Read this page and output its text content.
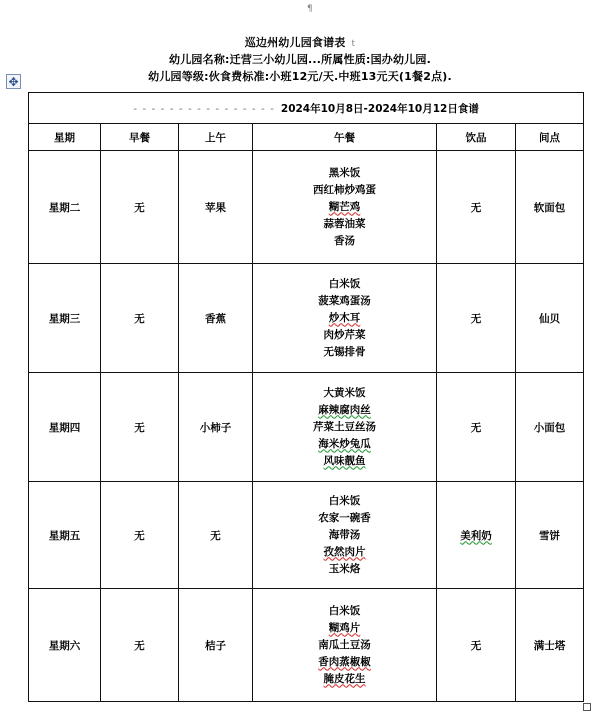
¶
巡边州幼儿园食谱表 t
幼儿园名称:迁营三小幼儿园...所属性质:国办幼儿园.
幼儿园等级:伙食费标准:小班12元/天.中班13元天(1餐2点).
✥
- - - - - - - - - - - - - - - - 2024年10月8日-2024年10月12日食谱					
星期	早餐	上午	午餐	饮品	间点
星期二	无	苹果	黑米饭
西红柿炒鸡蛋
糊芒鸡
蒜蓉油菜
香汤	无	软面包
星期三	无	香蕉	白米饭
菠菜鸡蛋汤
炒木耳
肉炒芹菜
无锡排骨	无	仙贝
星期四	无	小柿子	大黄米饭
麻辣腐肉丝
芹菜土豆丝汤
海米炒兔瓜
风味靓鱼	无	小面包
星期五	无	无	白米饭
农家一碗香
海带汤
孜然肉片
玉米烙	美利奶	雪饼
星期六	无	桔子	白米饭
糊鸡片
南瓜土豆汤
香肉蒸椒椒
腌皮花生	无	满士塔
